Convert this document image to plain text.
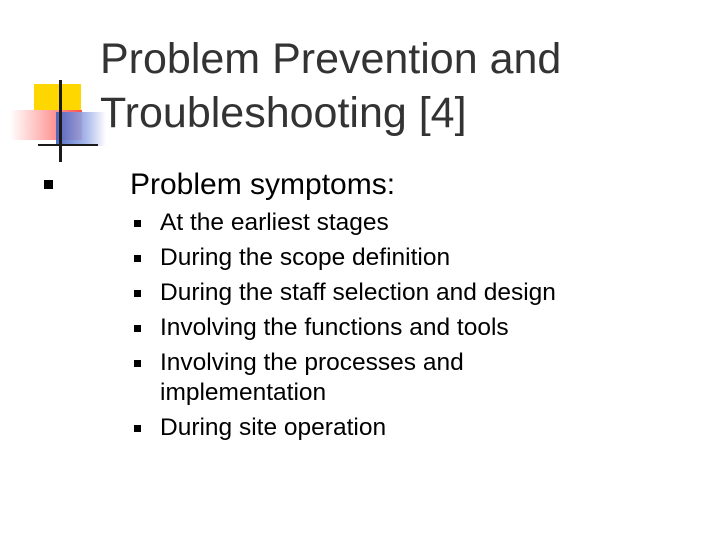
Problem Prevention and
Troubleshooting [4]
Problem symptoms:
At the earliest stages
During the scope definition
During the staff selection and design
Involving the functions and tools
Involving the processes and
implementation
During site operation
